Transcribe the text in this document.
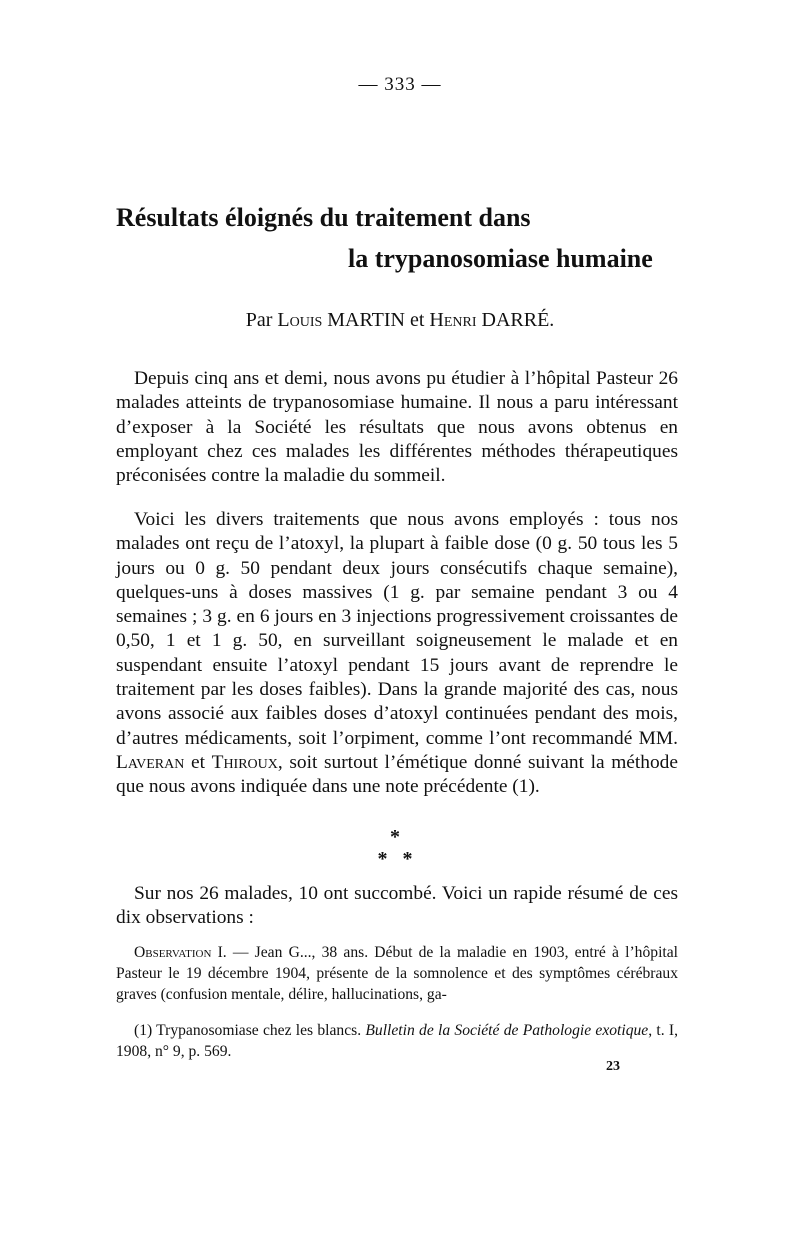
— 333 —
Résultats éloignés du traitement dans
la trypanosomiase humaine
Par Louis MARTIN et Henri DARRÉ.

Depuis cinq ans et demi, nous avons pu étudier à l’hôpital Pasteur 26 malades atteints de trypanosomiase humaine. Il nous a paru intéressant d’exposer à la Société les résultats que nous avons obtenus en employant chez ces malades les différentes méthodes thérapeutiques préconisées contre la maladie du sommeil.

Voici les divers traitements que nous avons employés : tous nos malades ont reçu de l’atoxyl, la plupart à faible dose (0 g. 50 tous les 5 jours ou 0 g. 50 pendant deux jours consécutifs chaque semaine), quelques-uns à doses massives (1 g. par semaine pendant 3 ou 4 semaines ; 3 g. en 6 jours en 3 injections progressivement croissantes de 0,50, 1 et 1 g. 50, en surveillant soigneusement le malade et en suspendant ensuite l’atoxyl pendant 15 jours avant de reprendre le traitement par les doses faibles). Dans la grande majorité des cas, nous avons associé aux faibles doses d’atoxyl continuées pendant des mois, d’autres médicaments, soit l’orpiment, comme l’ont recommandé MM. Laveran et Thiroux, soit surtout l’émétique donné suivant la méthode que nous avons indiquée dans une note précédente (1).

*
*   *

Sur nos 26 malades, 10 ont succombé. Voici un rapide résumé de ces dix observations :

Observation I. — Jean G..., 38 ans. Début de la maladie en 1903, entré à l’hôpital Pasteur le 19 décembre 1904, présente de la somnolence et des symptômes cérébraux graves (confusion mentale, délire, hallucinations, ga-

(1) Trypanosomiase chez les blancs. Bulletin de la Société de Pathologie exotique, t. I, 1908, n° 9, p. 569.

23
